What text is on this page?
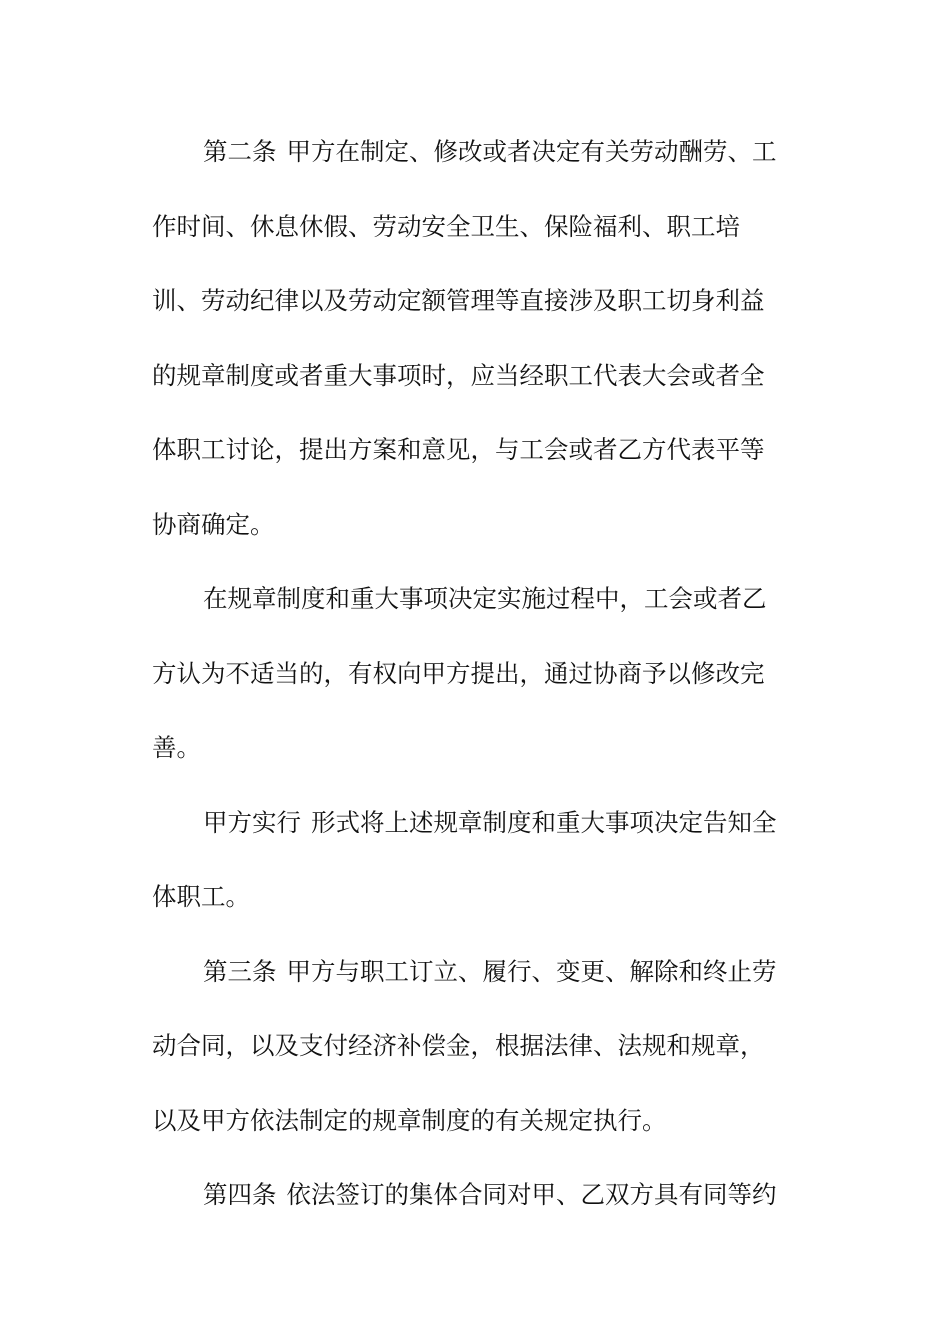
第二条 甲方在制定、修改或者决定有关劳动酬劳、工
作时间、休息休假、劳动安全卫生、保险福利、职工培
训、劳动纪律以及劳动定额管理等直接涉及职工切身利益
的规章制度或者重大事项时，应当经职工代表大会或者全
体职工讨论，提出方案和意见，与工会或者乙方代表平等
协商确定。
在规章制度和重大事项决定实施过程中，工会或者乙
方认为不适当的，有权向甲方提出，通过协商予以修改完
善。
甲方实行 形式将上述规章制度和重大事项决定告知全
体职工。
第三条 甲方与职工订立、履行、变更、解除和终止劳
动合同，以及支付经济补偿金，根据法律、法规和规章，
以及甲方依法制定的规章制度的有关规定执行。
第四条 依法签订的集体合同对甲、乙双方具有同等约
